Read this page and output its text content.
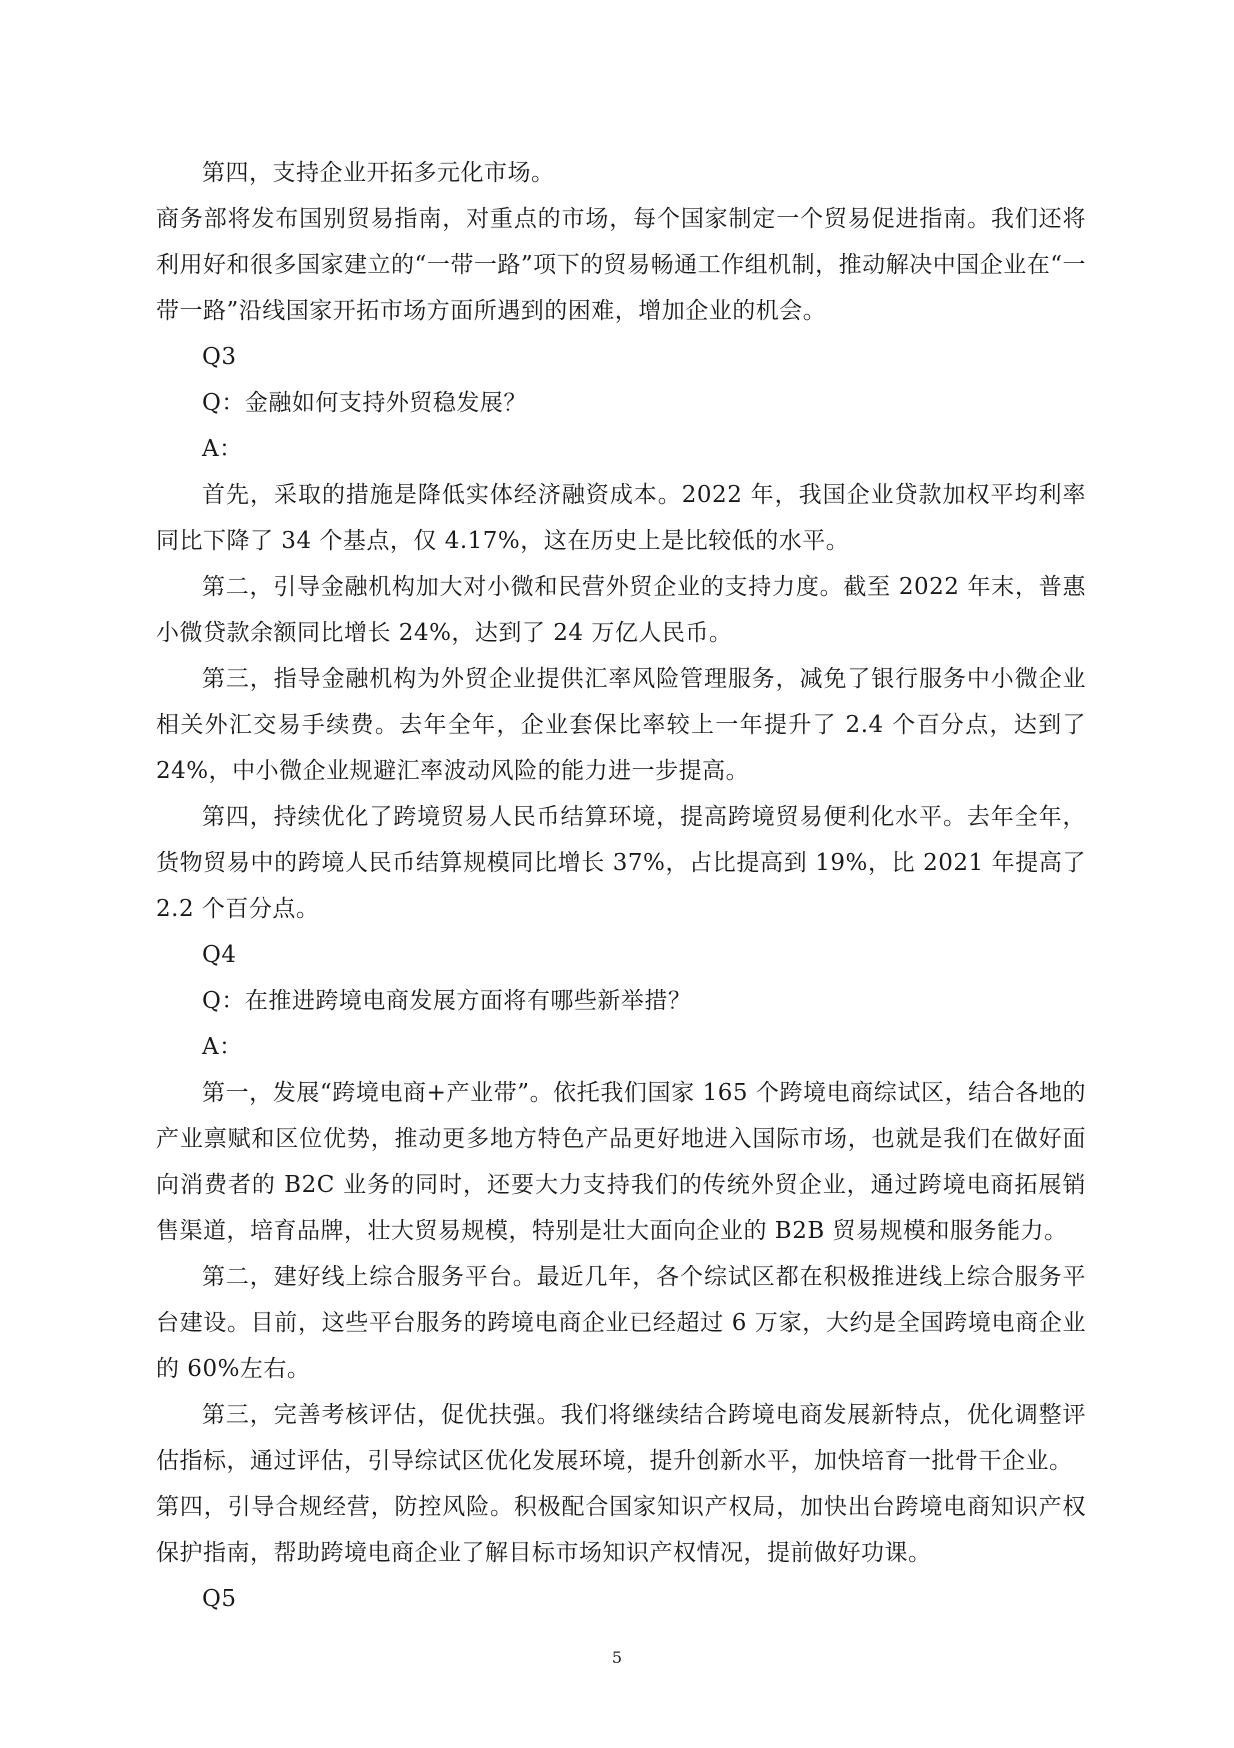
第四，支持企业开拓多元化市场。

商务部将发布国别贸易指南，对重点的市场，每个国家制定一个贸易促进指南。我们还将利用好和很多国家建立的“一带一路”项下的贸易畅通工作组机制，推动解决中国企业在“一带一路”沿线国家开拓市场方面所遇到的困难，增加企业的机会。

Q3

Q：金融如何支持外贸稳发展？

A：

首先，采取的措施是降低实体经济融资成本。2022 年，我国企业贷款加权平均利率同比下降了 34 个基点，仅 4.17%，这在历史上是比较低的水平。

第二，引导金融机构加大对小微和民营外贸企业的支持力度。截至 2022 年末，普惠小微贷款余额同比增长 24%，达到了 24 万亿人民币。

第三，指导金融机构为外贸企业提供汇率风险管理服务，减免了银行服务中小微企业相关外汇交易手续费。去年全年，企业套保比率较上一年提升了 2.4 个百分点，达到了 24%，中小微企业规避汇率波动风险的能力进一步提高。

第四，持续优化了跨境贸易人民币结算环境，提高跨境贸易便利化水平。去年全年，货物贸易中的跨境人民币结算规模同比增长 37%，占比提高到 19%，比 2021 年提高了 2.2 个百分点。

Q4

Q：在推进跨境电商发展方面将有哪些新举措？

A：

第一，发展“跨境电商+产业带”。依托我们国家 165 个跨境电商综试区，结合各地的产业禀赋和区位优势，推动更多地方特色产品更好地进入国际市场，也就是我们在做好面向消费者的 B2C 业务的同时，还要大力支持我们的传统外贸企业，通过跨境电商拓展销售渠道，培育品牌，壮大贸易规模，特别是壮大面向企业的 B2B 贸易规模和服务能力。

第二，建好线上综合服务平台。最近几年，各个综试区都在积极推进线上综合服务平台建设。目前，这些平台服务的跨境电商企业已经超过 6 万家，大约是全国跨境电商企业的 60%左右。

第三，完善考核评估，促优扶强。我们将继续结合跨境电商发展新特点，优化调整评估指标，通过评估，引导综试区优化发展环境，提升创新水平，加快培育一批骨干企业。

第四，引导合规经营，防控风险。积极配合国家知识产权局，加快出台跨境电商知识产权保护指南，帮助跨境电商企业了解目标市场知识产权情况，提前做好功课。

Q5

5
